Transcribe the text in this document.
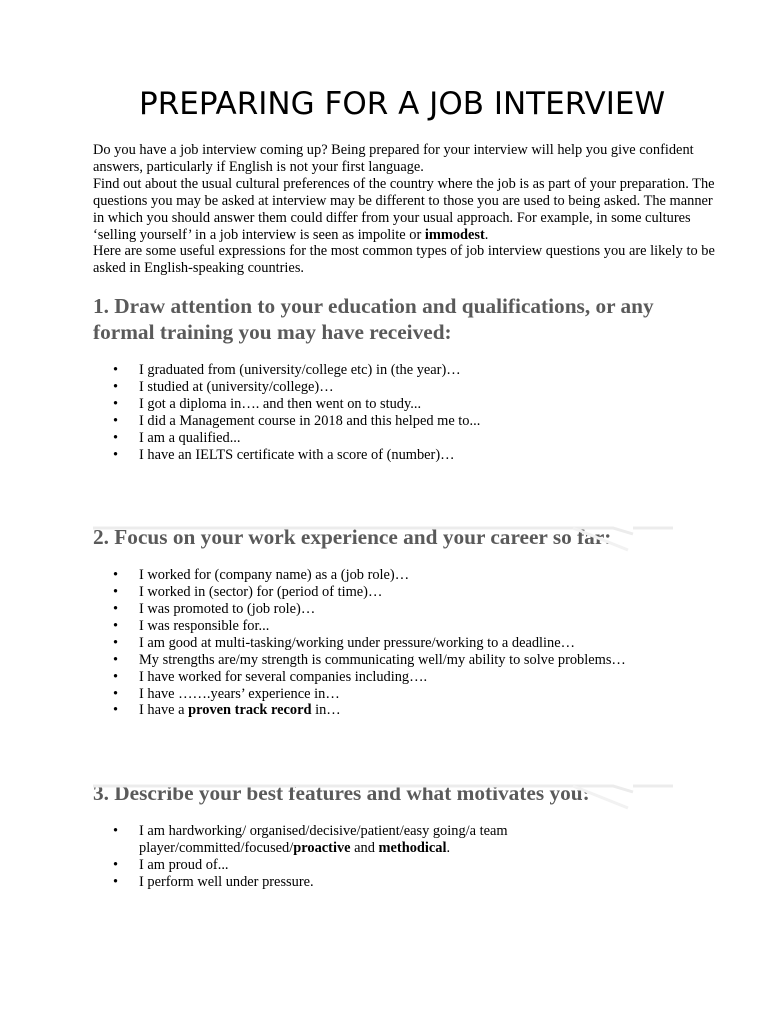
PREPARING FOR A JOB INTERVIEW

Do you have a job interview coming up? Being prepared for your interview will help you give confident answers, particularly if English is not your first language.

Find out about the usual cultural preferences of the country where the job is as part of your preparation. The questions you may be asked at interview may be different to those you are used to being asked. The manner in which you should answer them could differ from your usual approach. For example, in some cultures ‘selling yourself’ in a job interview is seen as impolite or immodest.

Here are some useful expressions for the most common types of job interview questions you are likely to be asked in English-speaking countries.

1. Draw attention to your education and qualifications, or any formal training you may have received:
• I graduated from (university/college etc) in (the year)…
• I studied at (university/college)…
• I got a diploma in…. and then went on to study...
• I did a Management course in 2018 and this helped me to...
• I am a qualified...
• I have an IELTS certificate with a score of (number)…
2. Focus on your work experience and your career so far:
• I worked for (company name) as a (job role)…
• I worked in (sector) for (period of time)…
• I was promoted to (job role)…
• I was responsible for...
• I am good at multi-tasking/working under pressure/working to a deadline…
• My strengths are/my strength is communicating well/my ability to solve problems…
• I have worked for several companies including….
• I have …….years’ experience in…
• I have a proven track record in…
3. Describe your best features and what motivates you:
• I am hardworking/ organised/decisive/patient/easy going/a team player/committed/focused/proactive and methodical.
• I am proud of...
• I perform well under pressure.
